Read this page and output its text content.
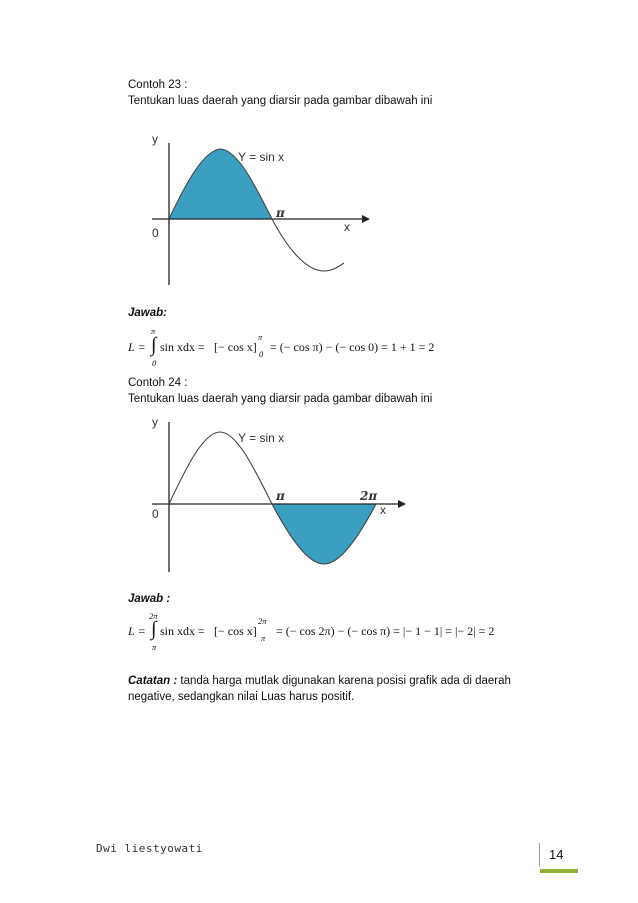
Contoh 23 :
Tentukan luas daerah yang diarsir pada gambar dibawah ini
y
x
0
Y = sin x
π
Jawab:
π
L = ∫ sin xdx =
0
[− cos x]
π
0 = (− cos π) − (− cos 0) = 1 + 1 = 2
Contoh 24 :
Tentukan luas daerah yang diarsir pada gambar dibawah ini
y
x
0
Y = sin x
π	2π
Jawab :
2π
L = ∫ sin xdx =
π
[− cos x]
2π
π = (− cos 2π) − (− cos π) = |− 1 − 1| = |− 2| = 2
Catatan : tanda harga mutlak digunakan karena posisi grafik ada di daerah
negative, sedangkan nilai Luas harus positif.
Dwi liestyowati	14
